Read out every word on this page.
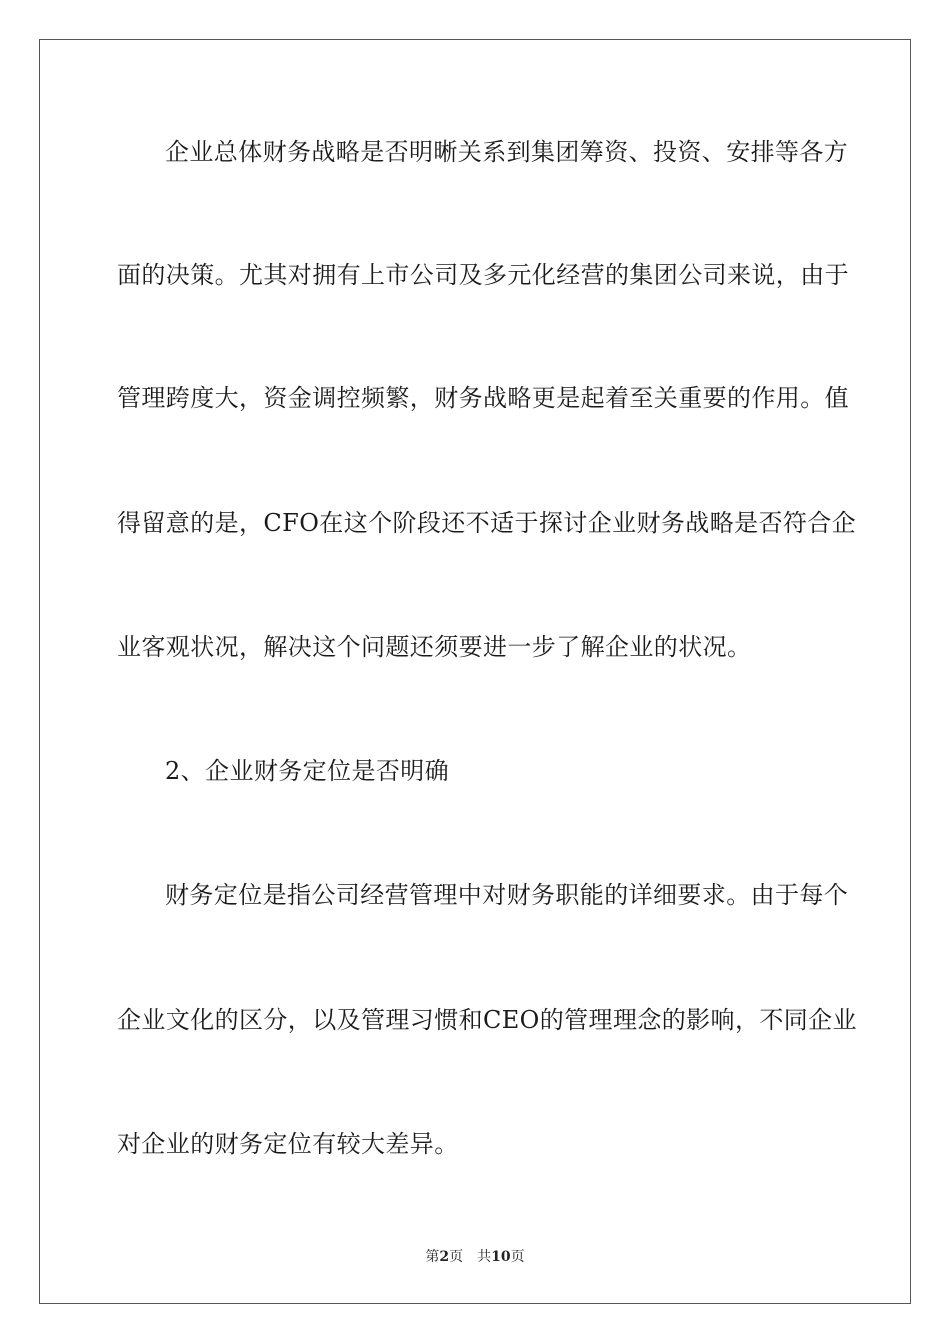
企业总体财务战略是否明晰关系到集团筹资、投资、安排等各方
面的决策。尤其对拥有上市公司及多元化经营的集团公司来说，由于
管理跨度大，资金调控频繁，财务战略更是起着至关重要的作用。值
得留意的是，CFO在这个阶段还不适于探讨企业财务战略是否符合企
业客观状况，解决这个问题还须要进一步了解企业的状况。
2、企业财务定位是否明确
财务定位是指公司经营管理中对财务职能的详细要求。由于每个
企业文化的区分，以及管理习惯和CEO的管理理念的影响，不同企业
对企业的财务定位有较大差异。
第2页 共10页
